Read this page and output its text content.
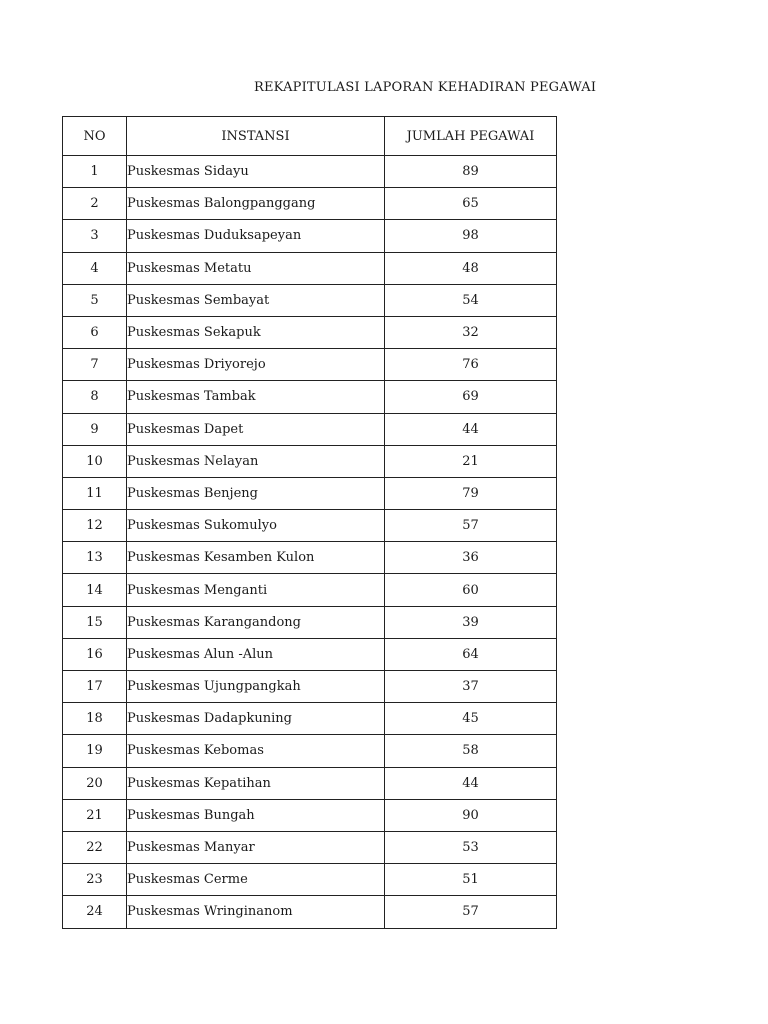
REKAPITULASI LAPORAN KEHADIRAN PEGAWAI
NO	INSTANSI	JUMLAH PEGAWAI
1	Puskesmas Sidayu	89
2	Puskesmas Balongpanggang	65
3	Puskesmas Duduksapeyan	98
4	Puskesmas Metatu	48
5	Puskesmas Sembayat	54
6	Puskesmas Sekapuk	32
7	Puskesmas Driyorejo	76
8	Puskesmas Tambak	69
9	Puskesmas Dapet	44
10	Puskesmas Nelayan	21
11	Puskesmas Benjeng	79
12	Puskesmas Sukomulyo	57
13	Puskesmas Kesamben Kulon	36
14	Puskesmas Menganti	60
15	Puskesmas Karangandong	39
16	Puskesmas Alun -Alun	64
17	Puskesmas Ujungpangkah	37
18	Puskesmas Dadapkuning	45
19	Puskesmas Kebomas	58
20	Puskesmas Kepatihan	44
21	Puskesmas Bungah	90
22	Puskesmas Manyar	53
23	Puskesmas Cerme	51
24	Puskesmas Wringinanom	57
